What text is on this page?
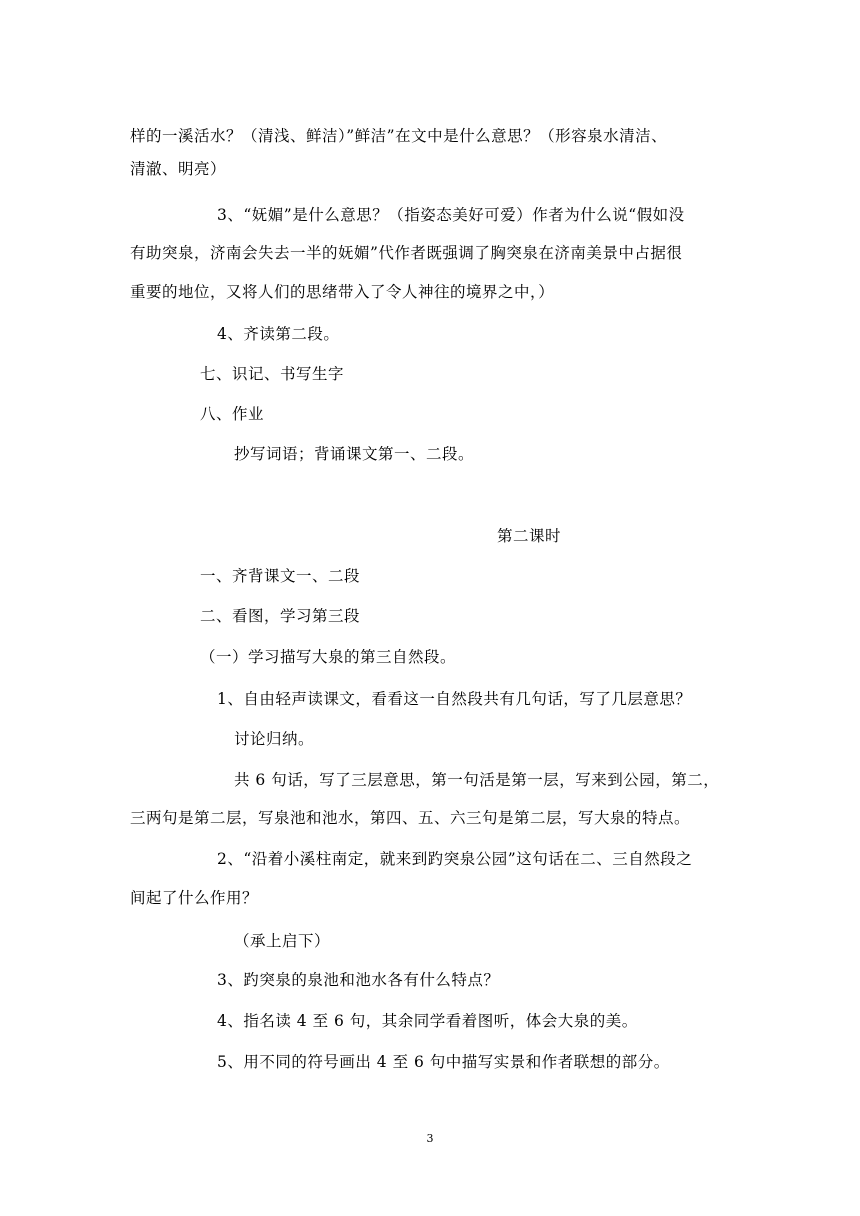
样的一溪活水？（清浅、鲜洁）”鲜洁”在文中是什么意思？（形容泉水清洁、
清澈、明亮）
3、“妩媚”是什么意思？（指姿态美好可爱）作者为什么说“假如没
有助突泉，济南会失去一半的妩媚”代作者既强调了胸突泉在济南美景中占据很
重要的地位，又将人们的思绪带入了令人神往的境界之中，）
4、齐读第二段。
七、识记、书写生字
八、作业
抄写词语；背诵课文第一、二段。
第二课时
一、齐背课文一、二段
二、看图，学习第三段
（一）学习描写大泉的第三自然段。
1、自由轻声读课文，看看这一自然段共有几句话，写了几层意思？
讨论归纳。
共 6 句话，写了三层意思，第一句活是第一层，写来到公园，第二，
三两句是第二层，写泉池和池水，第四、五、六三句是第二层，写大泉的特点。
2、“沿着小溪柱南定，就来到趵突泉公园”这句话在二、三自然段之
间起了什么作用？
（承上启下）
3、趵突泉的泉池和池水各有什么特点？
4、指名读 4 至 6 句，其余同学看着图听，体会大泉的美。
5、用不同的符号画出 4 至 6 句中描写实景和作者联想的部分。
3
